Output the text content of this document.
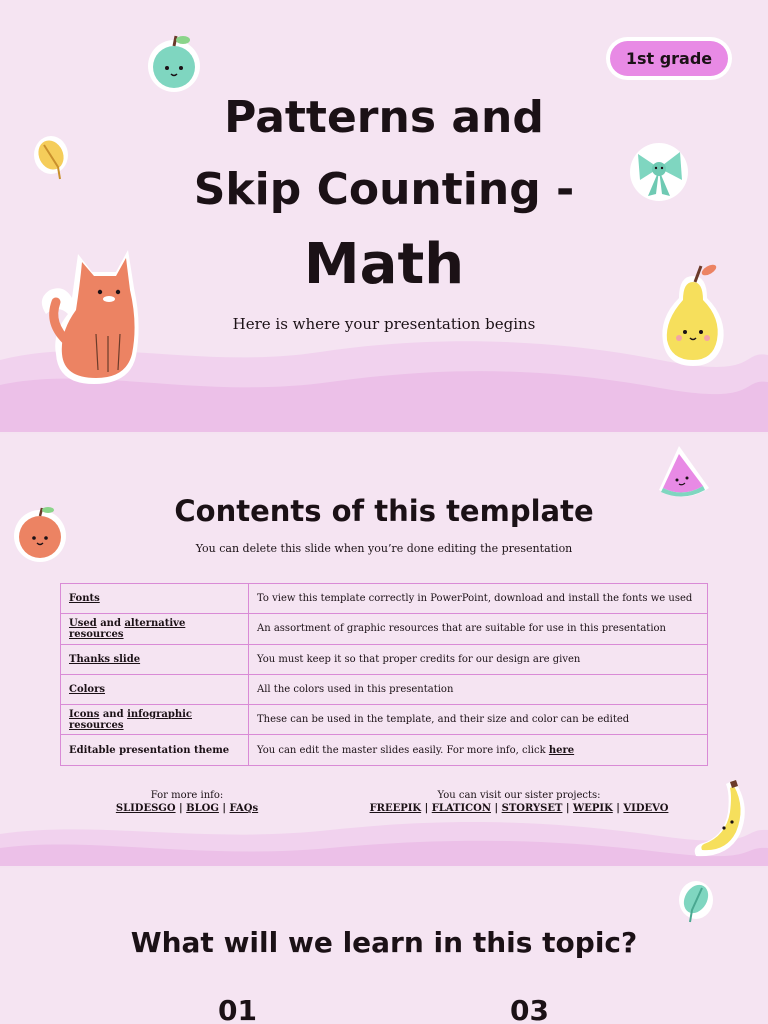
1st grade
Patterns and
Skip Counting -
Math
Here is where your presentation begins
Contents of this template
You can delete this slide when you’re done editing the presentation
Fonts	To view this template correctly in PowerPoint, download and install the fonts we used
Used and alternative resources	An assortment of graphic resources that are suitable for use in this presentation
Thanks slide	You must keep it so that proper credits for our design are given
Colors	All the colors used in this presentation
Icons and infographic resources	These can be used in the template, and their size and color can be edited
Editable presentation theme	You can edit the master slides easily. For more info, click here
For more info:
SLIDESGO | BLOG | FAQs
You can visit our sister projects:
FREEPIK | FLATICON | STORYSET | WEPIK | VIDEVO
What will we learn in this topic?
01	03
